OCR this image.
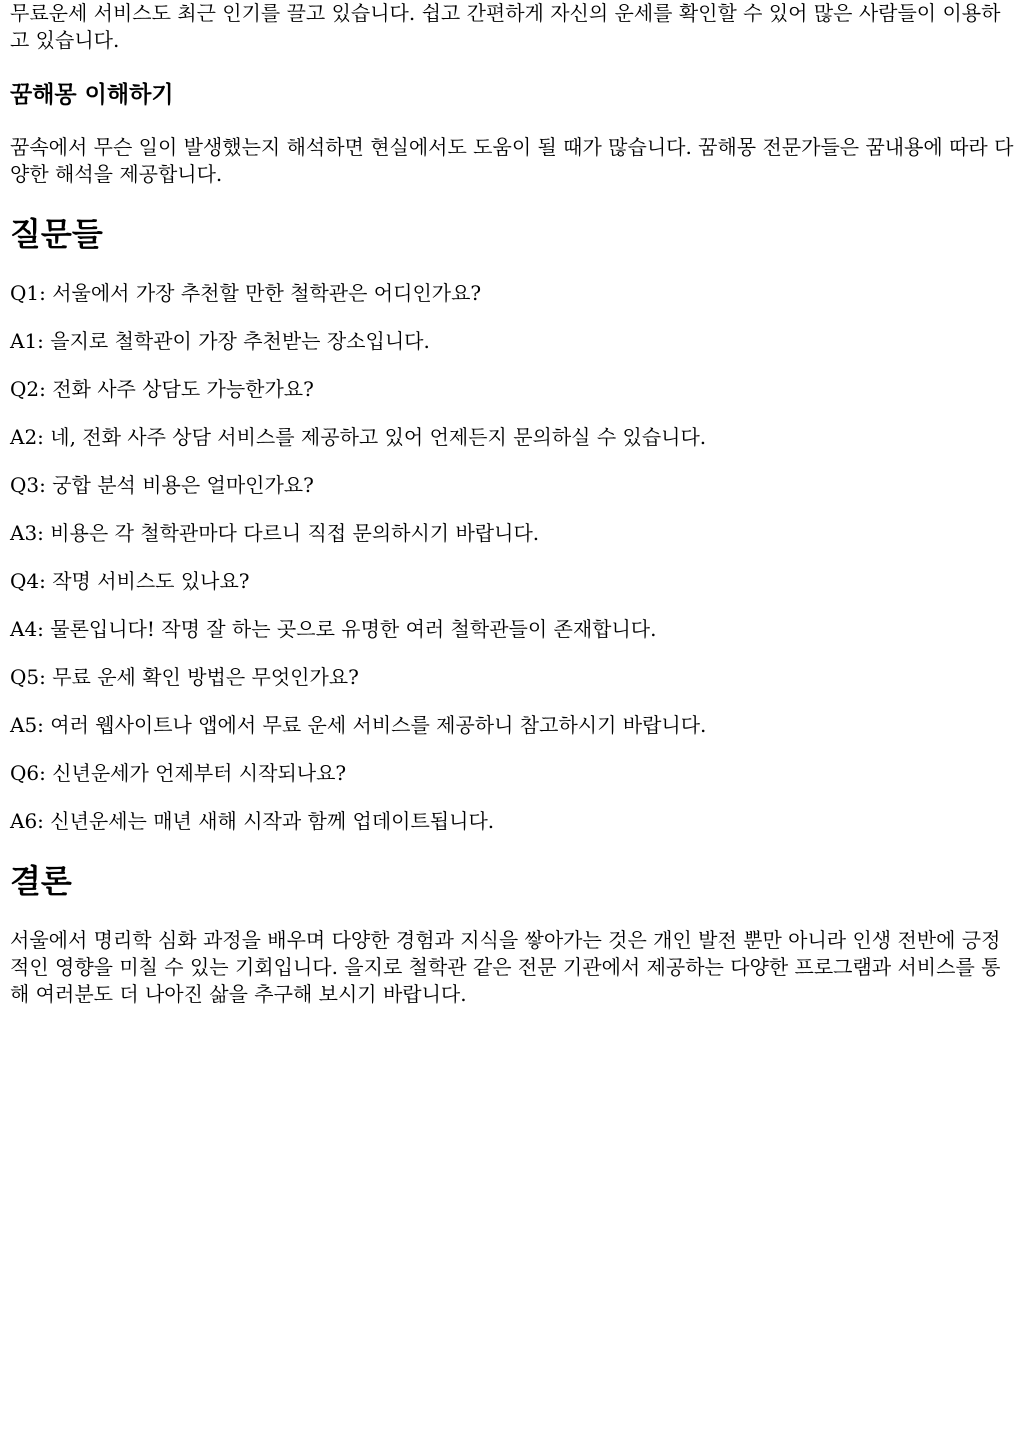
무료운세 서비스도 최근 인기를 끌고 있습니다. 쉽고 간편하게 자신의 운세를 확인할 수 있어 많은 사람들이 이용하고 있습니다.

꿈해몽 이해하기

꿈속에서 무슨 일이 발생했는지 해석하면 현실에서도 도움이 될 때가 많습니다. 꿈해몽 전문가들은 꿈내용에 따라 다양한 해석을 제공합니다.

질문들

Q1: 서울에서 가장 추천할 만한 철학관은 어디인가요?

A1: 을지로 철학관이 가장 추천받는 장소입니다.

Q2: 전화 사주 상담도 가능한가요?

A2: 네, 전화 사주 상담 서비스를 제공하고 있어 언제든지 문의하실 수 있습니다.

Q3: 궁합 분석 비용은 얼마인가요?

A3: 비용은 각 철학관마다 다르니 직접 문의하시기 바랍니다.

Q4: 작명 서비스도 있나요?

A4: 물론입니다! 작명 잘 하는 곳으로 유명한 여러 철학관들이 존재합니다.

Q5: 무료 운세 확인 방법은 무엇인가요?

A5: 여러 웹사이트나 앱에서 무료 운세 서비스를 제공하니 참고하시기 바랍니다.

Q6: 신년운세가 언제부터 시작되나요?

A6: 신년운세는 매년 새해 시작과 함께 업데이트됩니다.

결론

서울에서 명리학 심화 과정을 배우며 다양한 경험과 지식을 쌓아가는 것은 개인 발전 뿐만 아니라 인생 전반에 긍정적인 영향을 미칠 수 있는 기회입니다. 을지로 철학관 같은 전문 기관에서 제공하는 다양한 프로그램과 서비스를 통해 여러분도 더 나아진 삶을 추구해 보시기 바랍니다.
